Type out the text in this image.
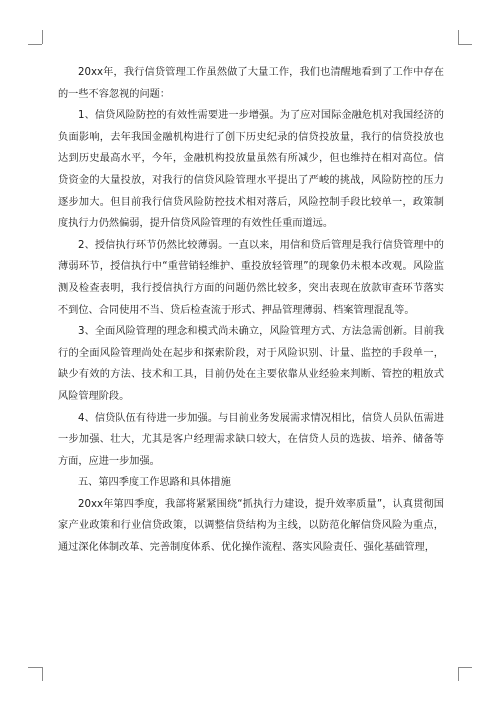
20xx年，我行信贷管理工作虽然做了大量工作，我们也清醒地看到了工作中存在的一些不容忽视的问题：

1、信贷风险防控的有效性需要进一步增强。为了应对国际金融危机对我国经济的负面影响，去年我国金融机构进行了创下历史纪录的信贷投放量，我行的信贷投放也达到历史最高水平，今年，金融机构投放量虽然有所减少，但也维持在相对高位。信贷资金的大量投放，对我行的信贷风险管理水平提出了严峻的挑战，风险防控的压力逐步加大。但目前我行信贷风险防控技术相对落后，风险控制手段比较单一，政策制度执行力仍然偏弱，提升信贷风险管理的有效性任重而道远。

2、授信执行环节仍然比较薄弱。一直以来，用信和贷后管理是我行信贷管理中的薄弱环节，授信执行中“重营销轻维护、重投放轻管理”的现象仍未根本改观。风险监测及检查表明，我行授信执行方面的问题仍然比较多，突出表现在放款审查环节落实不到位、合同使用不当、贷后检查流于形式、押品管理薄弱、档案管理混乱等。

3、全面风险管理的理念和模式尚未确立，风险管理方式、方法急需创新。目前我行的全面风险管理尚处在起步和探索阶段，对于风险识别、计量、监控的手段单一，缺少有效的方法、技术和工具，目前仍处在主要依靠从业经验来判断、管控的粗放式风险管理阶段。

4、信贷队伍有待进一步加强。与目前业务发展需求情况相比，信贷人员队伍需进一步加强、壮大，尤其是客户经理需求缺口较大，在信贷人员的选拔、培养、储备等方面，应进一步加强。

五、第四季度工作思路和具体措施

20xx年第四季度，我部将紧紧围绕“抓执行力建设，提升效率质量”，认真贯彻国家产业政策和行业信贷政策，以调整信贷结构为主线，以防范化解信贷风险为重点，通过深化体制改革、完善制度体系、优化操作流程、落实风险责任、强化基础管理，
